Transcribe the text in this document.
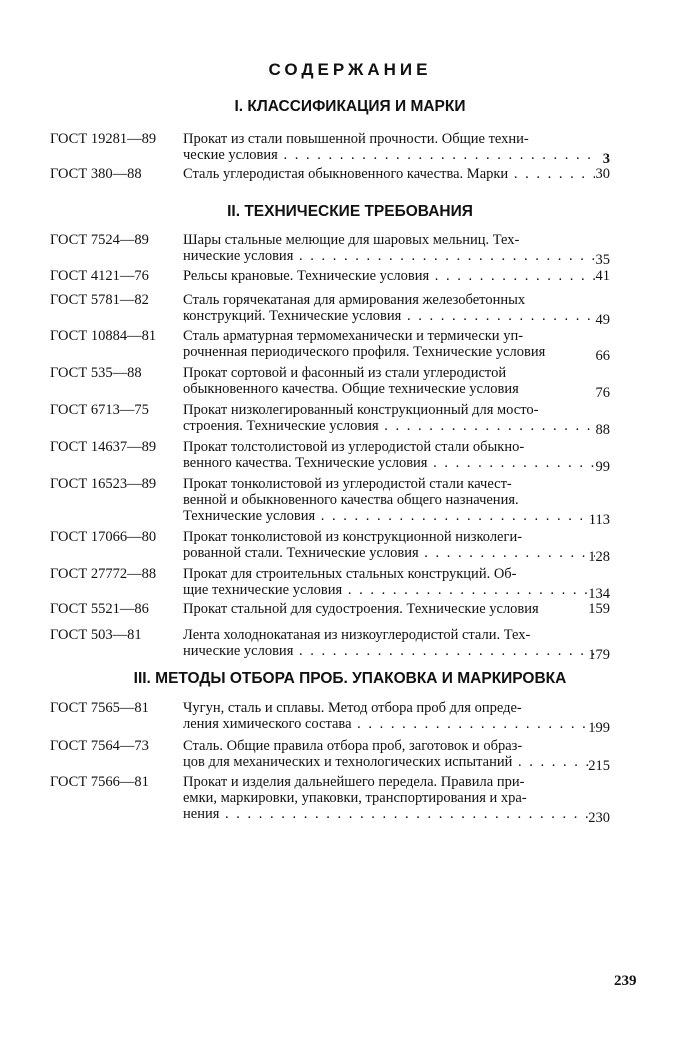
СОДЕРЖАНИЕ
I. КЛАССИФИКАЦИЯ И МАРКИ
ГОСТ 19281—89	Прокат из стали повышенной прочности. Общие техни-
ческие условия . . .	3
ГОСТ 380—88	Сталь углеродистая обыкновенного качества. Марки . . .	30
II. ТЕХНИЧЕСКИЕ ТРЕБОВАНИЯ
ГОСТ 7524—89	Шары стальные мелющие для шаровых мельниц. Тех-
нические условия . . .	35
ГОСТ 4121—76	Рельсы крановые. Технические условия . . .	41
ГОСТ 5781—82	Сталь горячекатаная для армирования железобетонных
конструкций. Технические условия . . .	49
ГОСТ 10884—81	Сталь арматурная термомеханически и термически уп-
рочненная периодического профиля. Технические условия	66
ГОСТ 535—88	Прокат сортовой и фасонный из стали углеродистой
обыкновенного качества. Общие технические условия	76
ГОСТ 6713—75	Прокат низколегированный конструкционный для мосто-
строения. Технические условия . . .	88
ГОСТ 14637—89	Прокат толстолистовой из углеродистой стали обыкно-
венного качества. Технические условия . . .	99
ГОСТ 16523—89	Прокат тонколистовой из углеродистой стали качест-
венной и обыкновенного качества общего назначения.
Технические условия . . .	113
ГОСТ 17066—80	Прокат тонколистовой из конструкционной низколеги-
рованной стали. Технические условия . . .	128
ГОСТ 27772—88	Прокат для строительных стальных конструкций. Об-
щие технические условия . . .	134
ГОСТ 5521—86	Прокат стальной для судостроения. Технические условия	159
ГОСТ 503—81	Лента холоднокатаная из низкоуглеродистой стали. Тех-
нические условия . . .	179
III. МЕТОДЫ ОТБОРА ПРОБ. УПАКОВКА И МАРКИРОВКА
ГОСТ 7565—81	Чугун, сталь и сплавы. Метод отбора проб для опреде-
ления химического состава . . .	199
ГОСТ 7564—73	Сталь. Общие правила отбора проб, заготовок и образ-
цов для механических и технологических испытаний . . .	215
ГОСТ 7566—81	Прокат и изделия дальнейшего передела. Правила при-
емки, маркировки, упаковки, транспортирования и хра-
нения . . .	230
239
